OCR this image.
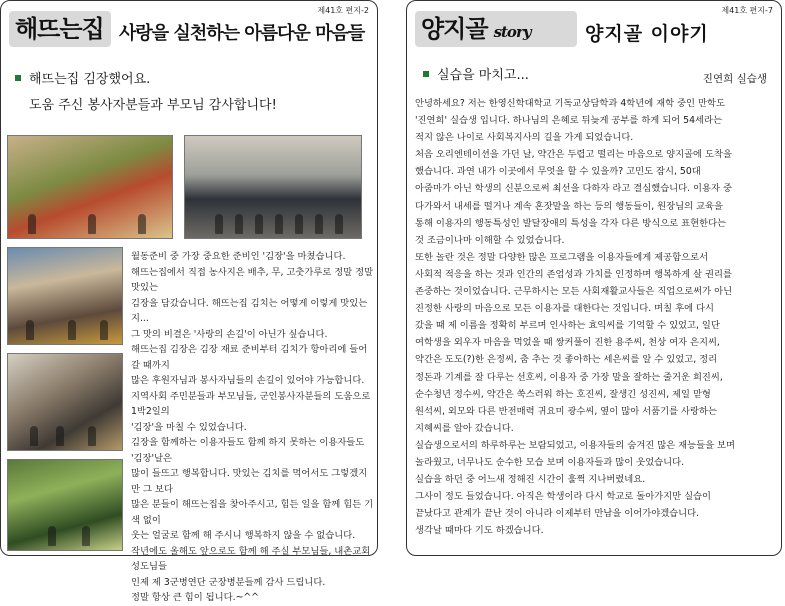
해뜨는집 사랑을 실천하는 아름다운 마음들
제41호 편지-2
해뜨는집 김장했어요.
도움 주신 봉사자분들과 부모님 감사합니다!

월동준비 중 가장 중요한 준비인 '김장'을 마쳤습니다.

해뜨는집에서 직접 농사지은 배추, 무, 고춧가루로 정말 정말 맛있는

김장을 담갔습니다. 해뜨는집 김치는 어떻게 이렇게 맛있는지...

그 맛의 비결은 '사랑의 손길'이 아닌가 싶습니다.

해뜨는집 김장은 김장 재료 준비부터 김치가 항아리에 들어 갈 때까지

많은 후원자님과 봉사자님들의 손길이 있어야 가능합니다.

지역사회 주민분들과 부모님들, 군인봉사자분들의 도움으로 1박2일의

'김장'을 마칠 수 있었습니다.

김장을 함께하는 이용자들도 함께 하지 못하는 이용자들도 '김장'날은

많이 들뜨고 행복합니다. 맛있는 김치를 먹어서도 그렇겠지만 그 보다

많은 분들이 해뜨는집을 찾아주시고, 힘든 일을 함께 힘든 기색 없이

웃는 얼굴로 함께 해 주시니 행복하지 않을 수 없습니다.

작년에도 올해도 앞으로도 함께 해 주실 부모님들, 내촌교회 성도님들

인제 제 3군병연단 군장병분들께 감사 드립니다.

정말 항상 큰 힘이 됩니다.~^^

양지골 story	양지골 이야기
제41호 편지-7
실습을 마치고...	진연희 실습생

안녕하세요? 저는 한영신학대학교 기독교상담학과 4학년에 재학 중인 만학도

'진연희' 실습생 입니다. 하나님의 은혜로 뒤늦게 공부를 하게 되어 54세라는

적지 않은 나이로 사회복지사의 길을 가게 되었습니다.

처음 오리엔테이션을 가던 날, 약간은 두렵고 떨리는 마음으로 양지골에 도착을

했습니다. 과연 내가 이곳에서 무엇을 할 수 있을까? 고민도 잠시, 50대

아줌마가 아닌 학생의 신분으로써 최선을 다하자 라고 결심했습니다. 이용자 중

다가와서 내세를 떨거나 계속 혼잣말을 하는 등의 행동들이, 원장님의 교육을

통해 이용자의 행동특성인 발달장애의 특성을 각자 다른 방식으로 표현한다는

것 조금이나마 이해할 수 있었습니다.

또한 놀란 것은 정말 다양한 많은 프로그램을 이용자들에게 제공함으로서

사회적 적응을 하는 것과 인간의 존엄성과 가치를 인정하며 행복하게 살 권리를

존중하는 것이었습니다. 근무하시는 모든 사회재활교사들은 직업으로써가 아닌

진정한 사랑의 마음으로 모든 이용자를 대한다는 것입니다. 며칠 후에 다시

갔을 때 제 이름을 정확히 부르며 인사하는 효익씨를 기억할 수 있었고, 일단

여학생을 외우자 마음을 먹었을 때 쌍커풀이 진한 용주씨, 천상 여자 은지씨,

약간은 도도(?)한 은정씨, 춤 추는 것 좋아하는 세은씨를 알 수 있었고, 정리

정돈과 기계를 잘 다루는 선호씨, 이용자 중 가장 말을 잘하는 줄거운 희진씨,

순수청년 정수씨, 약간은 쑥스러워 하는 호진씨, 잘생긴 성진씨, 제일 맏형

원석씨, 외모와 다른 반전매력 귀요미 광수씨, 옆이 많아 서품기를 사랑하는

지혜씨를 알아 갔습니다.

실습생으로서의 하루하루는 보람되었고, 이용자들의 숨겨진 많은 재능들을 보며

놀라웠고, 너무나도 순수한 모습 보며 이용자들과 많이 웃었습니다.

실습을 하던 중 어느새 정해진 시간이 훌쩍 지나버렸네요.

그사이 정도 들었습니다. 아직은 학생이라 다시 학교로 돌아가지만 실습이

끝났다고 관계가 끝난 것이 아니라 이제부터 만남을 이어가야겠습니다.

생각날 때마다 기도 하겠습니다.
